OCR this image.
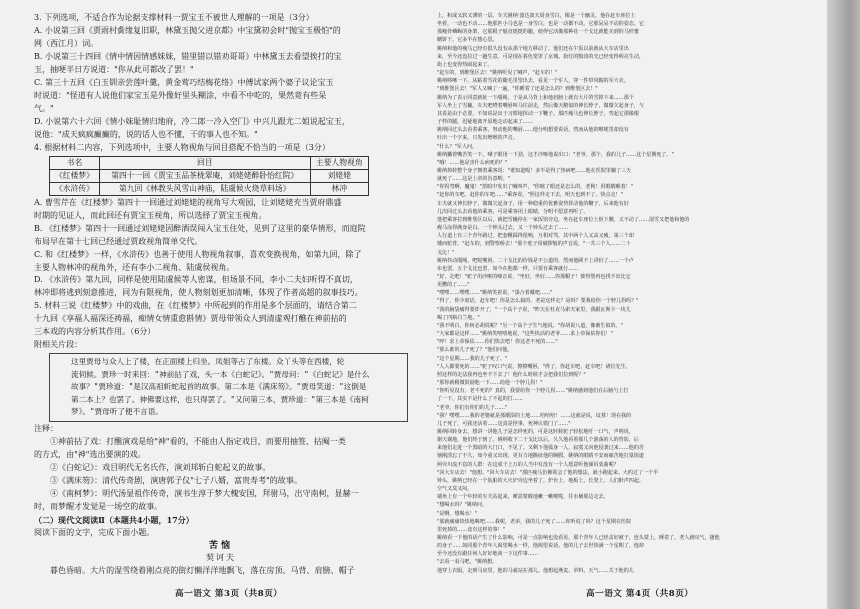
3. 下列选项，不适合作为论据支撑材料一贾宝玉不被世人理解的一项是（3分）

A. 小说第三回《贾雨村夤缘复旧职，林黛玉抛父进京都》中宝黛初会时"抛宝玉极怕"的

网（西江月）词。

B. 小说第三十四回《情中情因情感妹妹，错里错以错劝哥哥》中林黛玉去看望挨打的宝

玉，抽哽半日方说道："你从此可都改了罢！"

C. 第三十五回《白玉钏亲尝莲叶羹，黄金莺巧结梅花络》中傅试家两个婆子议论宝玉

时说道："怪道有人说他们家宝玉是外像好里头糊涂，中看不中吃的，果然竟有些呆

气。"

D. 小说第六十六回《情小妹耻情归地府，冷二郎一冷入空门》中兴儿跟尤二姐说起宝玉，

说他："成天疯疯癫癫的，说的话人也不懂，干的事人也不知。"

4. 根据材料二内容，下列选项中，主要人物视角与回目搭配不恰当的一项是（3分）

书名	回目	主要人物视角
《红楼梦》	第四十一回《贾宝玉品茶栊翠庵，刘姥姥醉卧怡红院》	刘姥姥
《水浒传》	第九回《林教头风雪山神庙，陆虞候火烧草料场》	林冲

A. 曹雪芹在《红楼梦》第四十一回通过刘姥姥的视角写大观园，让刘姥姥充当贾府鼎盛

时期的见证人，而此回还有贾宝玉视角，所以选择了贾宝玉视角。

B. 《红楼梦》第四十一回通过刘姥姥因醉酒误闯入宝玉住处，见到了这里的豪华情形，而庭院

布局早在第十七回已经通过贾政视角简单交代。

C. 和《红楼梦》一样，《水浒传》也善于使用人物视角叙事，喜欢变换视角，如第九回，除了

主要人物林冲的视角外，还有李小二视角、陆虞侯视角。

D. 《水浒传》第九回，同样是使用陆虞候等人密谋，但场景不同，李小二夫妇听得不真切，

林冲即将逃到刻意推进，同为有限视角，使人物刻划更加清晰，体现了作者高超的叙事技巧。

5. 材料三说《红楼梦》中的戏曲，在《红楼梦》中所起到的作用是多个层面的，请结合第二

十九回《享福人福深还祷福，痴情女情重愈斟情》贾母带领众人到清虚观打醮在神前拈的

三本戏的内容分析其作用。（6分）

附相关片段：

这里贾母与众人上了楼，在正面楼上归坐。凤姐等占了东楼。众丫头等在西楼，轮

流伺候。贾珍一时来回："神前拈了戏，头一本《白蛇记》。"贾母问："《白蛇记》是什么

故事？"贾珍道："是汉高祖斩蛇起首的故事。第二本是《满床笏》。"贾母笑道："这倒是

第二本上？也罢了。神佛要这样，也只得罢了。"又问第三本，贾珍道："第三本是《南柯

梦》。"贾母听了便不言语。

注释：

①神前拈了戏：打醮演戏是给"神"看的，不能由人指定戏目，而要用抽签、拈阄一类

的方式，由"神"选出要演的戏。

②《白蛇记》：戏目明代无名氏作，演刘邦斩白蛇起义的故事。

③《满床笏》：清代传奇剧，演唐郭子仪"七子八婿，富贵寿考"的故事。

④《南柯梦》：明代汤显祖作传奇，演书生淳于梦大槐安国，拜驸马，出守南柯，显赫一

时，而梦醒才发觉是一场空的故事。

（二）现代文阅读Ⅱ（本题共4小题，17分）

阅读下面的文字，完成下面小题。

苦恼

契诃夫

暮色昏暗。大片的湿雪绕着刚点亮的街灯懒洋洋地飘飞，落在房顶、马背、肩膀、帽子

上，积成又软又薄的一层。车夫姚纳·波达波夫周身雪白，像是一个幽灵。他在赶车座位上

坐着，一动也不动……他那匹小马也是一身雪白，也是一动都不动。它那呆呆不动的姿态、它

那瘦骨嶙峋的身架、它那根子般直挺挺的腿，使得它活像那种花一个戈比就能买到的马形蜜

糖饼干。它多半在想心思。

姚纳和他的瘦马已经有很久没有从那个地方移动了。他们还在午饭以前就从大车店里出

来，至今还没拉过一趟生意。可是现在暮色笼罩了京城。街灯的黯淡的光已经变得明亮生动，

街上也变得热闹起来了。

"赶车的，到维堡区去！"姚纳听见了喊声，"赶车的！"

姚纳哆嗦一下，从粘着雪花的睫毛里望出去，看见一个军人，穿一件带风帽的军大衣。

"到维堡区去！"军人又喊了一遍，"你睡着了还是怎么的？到维堡区去！"

姚纳为了表示同意就扯一下缰绳，于是从马背上和他肩膀上就有大片的雪掉下来……那个

军人坐上了雪橇。车夫吧嗒着嘴唇叫马往前走，然后像天鹅似的伸长脖子，微微欠起身子，与

其说是由于必要，不如说是出于习惯地挥动一下鞭子。那匹瘦马也伸长脖子，弯起它那像棍

子样的腿，迟疑地离开原地走动起来了……

姚纳回过头去看着乘客，努动他的嘴唇……他分明想要说话，然而从他的喉咙里却没有

吐出一个字来，只发出咝咝的声音。

"什么？"军人问。

姚纳撇着嘴苦笑一下，嗓子眼用一下劲，这才沙哑地说出口："老爷，那个，我的儿子……这个星期死了。"

"哦！……他是害什么病死的？"

姚纳掉转整个身子朝着乘客说："谁知道呢！多半是得了热病吧……他在医院里躺了三天

就死了……这是上帝的旨意哟。"

"你拐弯啊，魔鬼！"黑暗中发出了喊叫声，"你瞎了眼还是怎么的，老狗！用眼睛瞧着！"

"赶你的车吧，赶你的车吧……"乘客说，"照这样走下去，明天也到不了。快点走！"

车夫就又伸长脖子，微微欠起身子，用一种稳重的优雅姿势挥动他的鞭子。后来他有好

几次回过头去看他的乘客，可是乘客闭上眼睛，分明不愿意再听了。

他把乘客拉到维堡区以后，就把雪橇停在一家饭馆旁边，坐在赶车座位上伛下腰，又不动了……湿雪又把他和他的

瘦马涂得满身是白。一个钟头过去，又一个钟头过去了……

人行道上有三个青年路过，把套靴踩得很响，互相对骂，其中两个人又高又瘦，第三个却

矮而驼背。"赶车的，到警察桥去！"那个驼子用破锣般的声音说，"一共三个人……二十

戈比！"

姚纳抖动缰绳，吧哒嘴唇。二十戈比的价钱是不公道的，然而他顾不上讲价了……一个卢

布也罢，五个戈比也罢，如今在他都一样，只要有乘客就行……

"好，走吧！"驼子用沙哑的嗓音说，"坐好，坐好……你那帽子！彼得堡再也找不出比它

更糟的了……"

"嘿嘿……嘿嘿……"姚纳笑着说，"凑合着戴吧……"

"得了，你少废话，赶车吧！你是怎么搞的，老是这样走？是吗？要我给你一个脖儿拐吗？"

"我的脑袋痛得要炸开了，"一个高个子说，"昨天在杜克马索夫家里，我跟瓦斯卡一块儿

喝了四瓶白兰地。"

"我不明白，你何必胡说呢？"另一个高个子生气地说，"你胡说八道，像畜生似的。"

"大家都是这样……"姚纳笑嘻嘻地说，"这些快活的老爷……求上帝保佑你们！"

"啐！求上帝保佑……你们快去吧！你这老不死的……"

"那么谁的儿子死了？"他们问他。

"这个星期……我的儿子死了。"

"人人都要死的……"驼子叹口气说，擦擦嘴唇，"得了，你赶车吧，赶车吧！诸位先生，

照这样的走法我再也坐不下去了！他什么时候才会把我们拉到呢？"

"那你就稍微鼓励他一下……给他一个脖儿拐！"

"你听见没有，老不死的？真的，我要给你一个脖儿拐……"姚纳感到他们在后脑勺上打

了一下，其实不是什么了不起的打……

"老爷，你们有你们的儿子……"

"我？嘿嘿……我的老婆就是那潮湿的土地……哈哈哈！……这就是说，坟墓！现在我的

儿子死了，可我还活着……这真是怪事，死神认错门了……"

姚纳回转身去，想讲一讲他儿子是怎样死的，可是这时候驼子轻松地吁一口气，声明说，

谢天谢地，他们终于到了。姚纳收下二十戈比以后，久久地看着那几个游荡的人的背影，后

来他们走进一个黑暗的大门口，不见了。又剩下他孤身一人，寂寞又向他侵袭过来……他的苦

恼刚淡忘了不久，如今重又出现，更有力地撕扯他的胸膛。姚纳的眼睛不安而痛苦地打量街道

两旁川流不息的人群：在这成千上万的人当中有没有一个人愿意听他倾诉衷曲呢？

"回大车店去！"他想。"回大车店去！"那匹瘦马仿佛领会了他的想法，就小跑起来。大约过了一个半

钟头，姚纳已经在一个肮脏的大火炉旁边坐着了。炉台上，地板上，长凳上，人们鼾声四起。

空气又臭又闷。

墙角上有一个年轻的车夫站起来，睡意蒙眬地嗽一嗽喉咙，往水桶那边走去。

"想喝水吗？"姚纳问。

"是啊，想喝水！"

"那就痛痛快快地喝吧……我呢，老弟，我的儿子死了……你听说了吗？这个星期在医院

里死掉的……竟有这样的事！"

姚纳看一下他的话产生了什么影响，可是一点影响也没看见。那个青年人已经盖好被子，连头蒙上，睡着了。老人就叹气，搔他

的身子……如同那个青年人渴望喝水一样，他渴望说话。他的儿子去世快满一个星期了，他却

至今还没有跟任何人好好地谈一下这件事……

"去看一看马吧，"姚纳想。

他穿上衣服，走到马房里，他的马就站在那儿。他想起燕麦、草料、天气……关于他的儿

高一语文 第3页（共8页）	高一语文 第4页（共8页）
